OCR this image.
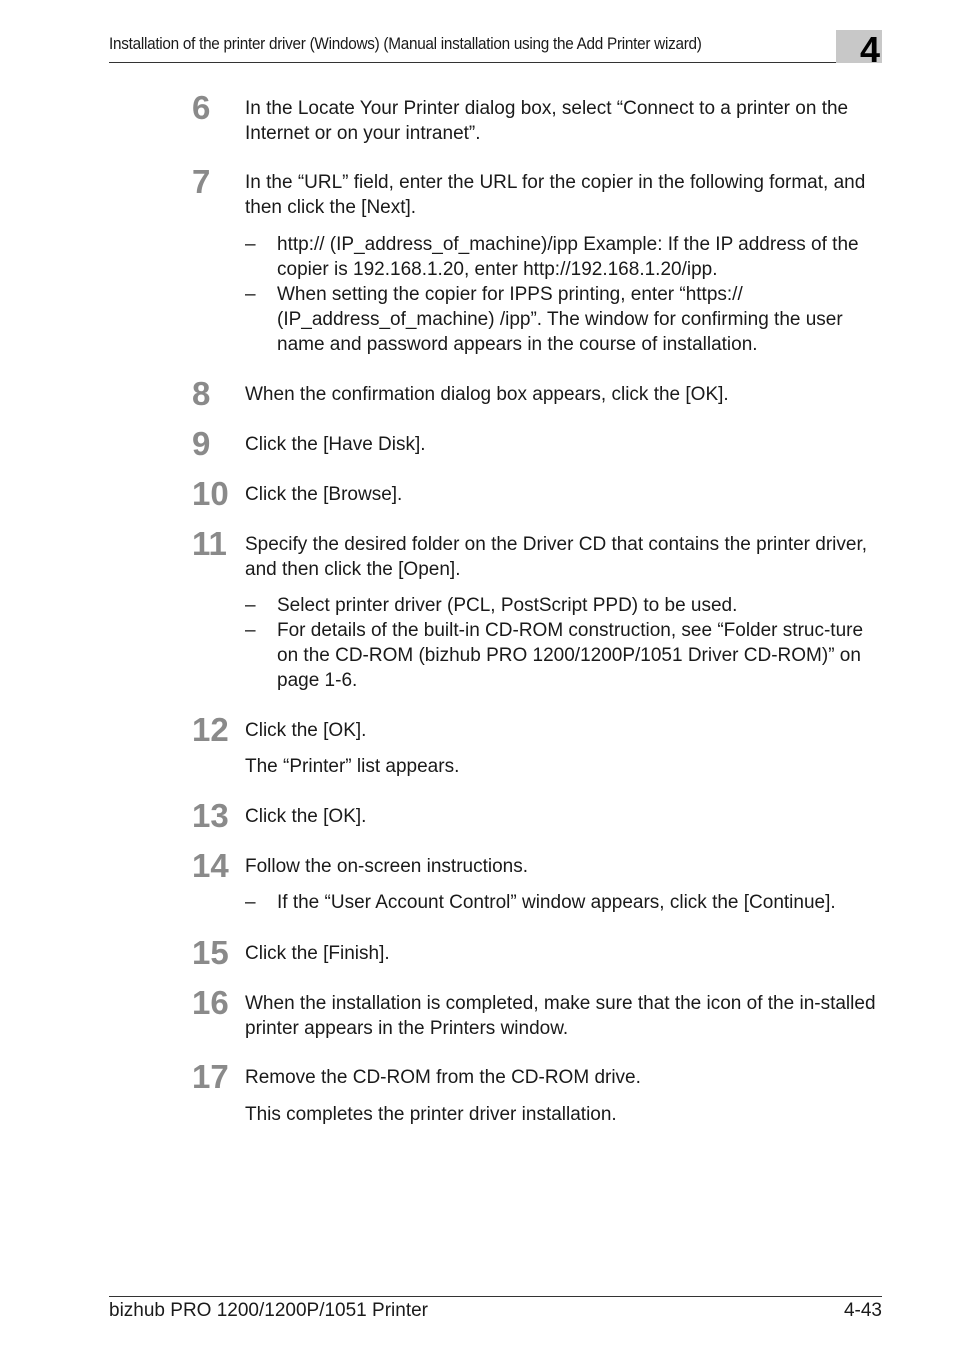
Installation of the printer driver (Windows) (Manual installation using the Add Printer wizard)	4
6	In the Locate Your Printer dialog box, select “Connect to a printer on the Internet or on your intranet”.
7	In the “URL” field, enter the URL for the copier in the following format, and then click the [Next].
– http:// (IP_address_of_machine)/ipp Example: If the IP address of the copier is 192.168.1.20, enter http://192.168.1.20/ipp.
– When setting the copier for IPPS printing, enter “https:// (IP_address_of_machine) /ipp”. The window for confirming the user name and password appears in the course of installation.
8	When the confirmation dialog box appears, click the [OK].
9	Click the [Have Disk].
10 Click the [Browse].
11 Specify the desired folder on the Driver CD that contains the printer driver, and then click the [Open].
– Select printer driver (PCL, PostScript PPD) to be used.
– For details of the built-in CD-ROM construction, see “Folder struc-ture on the CD-ROM (bizhub PRO 1200/1200P/1051 Driver CD-ROM)” on page 1-6.
12 Click the [OK].
The “Printer” list appears.
13 Click the [OK].
14 Follow the on-screen instructions.
– If the “User Account Control” window appears, click the [Continue].
15 Click the [Finish].
16 When the installation is completed, make sure that the icon of the in-stalled printer appears in the Printers window.
17 Remove the CD-ROM from the CD-ROM drive.
This completes the printer driver installation.
bizhub PRO 1200/1200P/1051 Printer	4-43
